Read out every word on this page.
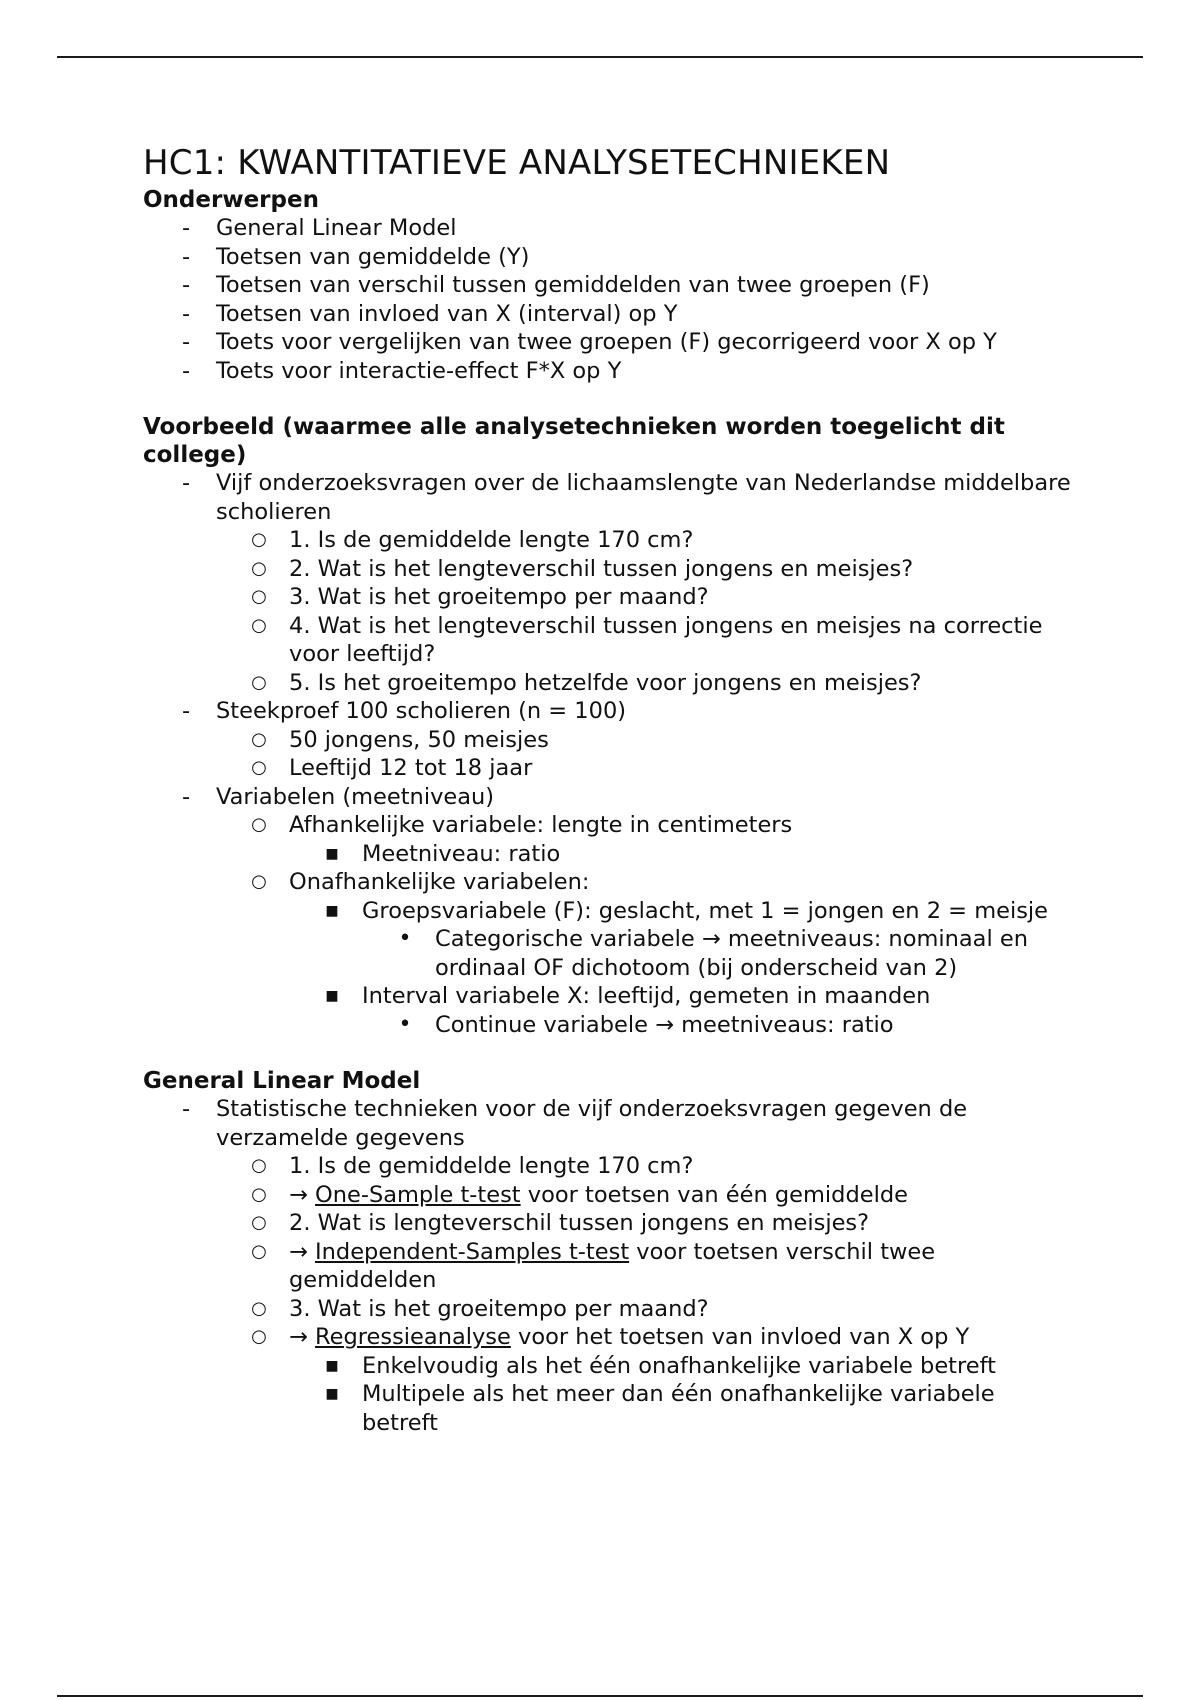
HC1: KWANTITATIEVE ANALYSETECHNIEKEN
Onderwerpen
- General Linear Model
- Toetsen van gemiddelde (Y)
- Toetsen van verschil tussen gemiddelden van twee groepen (F)
- Toetsen van invloed van X (interval) op Y
- Toets voor vergelijken van twee groepen (F) gecorrigeerd voor X op Y
- Toets voor interactie-effect F*X op Y
Voorbeeld (waarmee alle analysetechnieken worden toegelicht dit college)
- Vijf onderzoeksvragen over de lichaamslengte van Nederlandse middelbare scholieren
○ 1. Is de gemiddelde lengte 170 cm?
○ 2. Wat is het lengteverschil tussen jongens en meisjes?
○ 3. Wat is het groeitempo per maand?
○ 4. Wat is het lengteverschil tussen jongens en meisjes na correctie voor leeftijd?
○ 5. Is het groeitempo hetzelfde voor jongens en meisjes?
- Steekproef 100 scholieren (n = 100)
○ 50 jongens, 50 meisjes
○ Leeftijd 12 tot 18 jaar
- Variabelen (meetniveau)
○ Afhankelijke variabele: lengte in centimeters
■ Meetniveau: ratio
○ Onafhankelijke variabelen:
■ Groepsvariabele (F): geslacht, met 1 = jongen en 2 = meisje
• Categorische variabele → meetniveaus: nominaal en ordinaal OF dichotoom (bij onderscheid van 2)
■ Interval variabele X: leeftijd, gemeten in maanden
• Continue variabele → meetniveaus: ratio
General Linear Model
- Statistische technieken voor de vijf onderzoeksvragen gegeven de verzamelde gegevens
○ 1. Is de gemiddelde lengte 170 cm?
○ → One-Sample t-test voor toetsen van één gemiddelde
○ 2. Wat is lengteverschil tussen jongens en meisjes?
○ → Independent-Samples t-test voor toetsen verschil twee gemiddelden
○ 3. Wat is het groeitempo per maand?
○ → Regressieanalyse voor het toetsen van invloed van X op Y
■ Enkelvoudig als het één onafhankelijke variabele betreft
■ Multipele als het meer dan één onafhankelijke variabele betreft
